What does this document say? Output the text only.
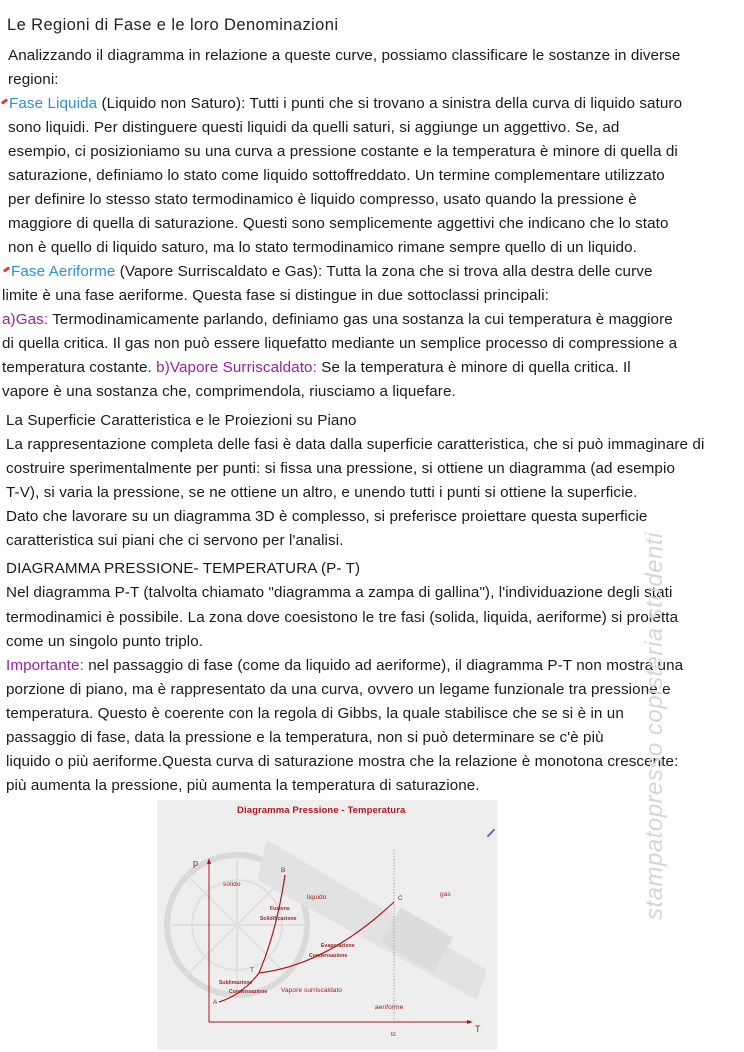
Le Regioni di Fase e le loro Denominazioni
Analizzando il diagramma in relazione a queste curve, possiamo classificare le sostanze in diverse
regioni:
Fase Liquida (Liquido non Saturo): Tutti i punti che si trovano a sinistra della curva di liquido saturo
sono liquidi. Per distinguere questi liquidi da quelli saturi, si aggiunge un aggettivo. Se, ad
esempio, ci posizioniamo su una curva a pressione costante e la temperatura è minore di quella di
saturazione, definiamo lo stato come liquido sottoffreddato. Un termine complementare utilizzato
per definire lo stesso stato termodinamico è liquido compresso, usato quando la pressione è
maggiore di quella di saturazione. Questi sono semplicemente aggettivi che indicano che lo stato
non è quello di liquido saturo, ma lo stato termodinamico rimane sempre quello di un liquido.
Fase Aeriforme (Vapore Surriscaldato e Gas): Tutta la zona che si trova alla destra delle curve
limite è una fase aeriforme. Questa fase si distingue in due sottoclassi principali:
a)Gas: Termodinamicamente parlando, definiamo gas una sostanza la cui temperatura è maggiore
di quella critica. Il gas non può essere liquefatto mediante un semplice processo di compressione a
temperatura costante. b)Vapore Surriscaldato: Se la temperatura è minore di quella critica. Il
vapore è una sostanza che, comprimendola, riusciamo a liquefare.
La Superficie Caratteristica e le Proiezioni su Piano
La rappresentazione completa delle fasi è data dalla superficie caratteristica, che si può immaginare di
costruire sperimentalmente per punti: si fissa una pressione, si ottiene un diagramma (ad esempio
T-V), si varia la pressione, se ne ottiene un altro, e unendo tutti i punti si ottiene la superficie.
Dato che lavorare su un diagramma 3D è complesso, si preferisce proiettare questa superficie
caratteristica sui piani che ci servono per l'analisi.
DIAGRAMMA PRESSIONE- TEMPERATURA (P- T)
Nel diagramma P-T (talvolta chiamato "diagramma a zampa di gallina"), l'individuazione degli stati
termodinamici è possibile. La zona dove coesistono le tre fasi (solida, liquida, aeriforme) si proietta
come un singolo punto triplo.
Importante: nel passaggio di fase (come da liquido ad aeriforme), il diagramma P-T non mostra una
porzione di piano, ma è rappresentato da una curva, ovvero un legame funzionale tra pressione e
temperatura. Questo è coerente con la regola di Gibbs, la quale stabilisce che se si è in un
passaggio di fase, data la pressione e la temperatura, non si può determinare se c'è più
liquido o più aeriforme.Questa curva di saturazione mostra che la relazione è monotona crescente:
più aumenta la pressione, più aumenta la temperatura di saturazione.	stampatopresso copisteria studenti
Diagramma Pressione - Temperatura
p
T
tc
A
B
C
T
solido
liquido	gas
Vapore surriscaldato
aeriforme
Fusione
Solidificazione
Evaporazione
Condensazione
Sublimazione
Condensazione
